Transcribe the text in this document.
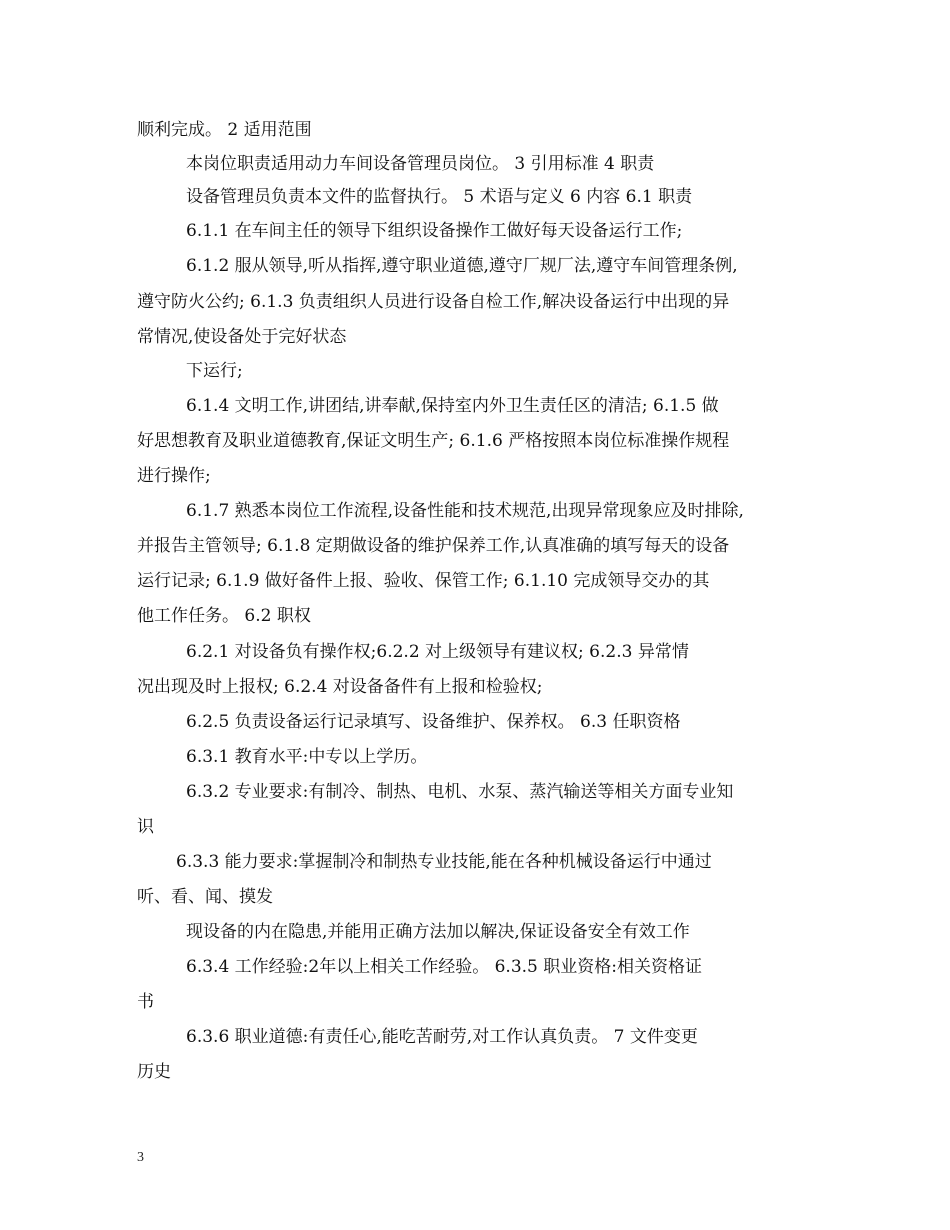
顺利完成。 2 适用范围
本岗位职责适用动力车间设备管理员岗位。 3 引用标准 4 职责
设备管理员负责本文件的监督执行。 5 术语与定义 6 内容 6.1 职责
6.1.1 在车间主任的领导下组织设备操作工做好每天设备运行工作;
6.1.2 服从领导,听从指挥,遵守职业道德,遵守厂规厂法,遵守车间管理条例,
遵守防火公约; 6.1.3 负责组织人员进行设备自检工作,解决设备运行中出现的异
常情况,使设备处于完好状态
下运行;
6.1.4 文明工作,讲团结,讲奉献,保持室内外卫生责任区的清洁; 6.1.5 做
好思想教育及职业道德教育,保证文明生产; 6.1.6 严格按照本岗位标准操作规程
进行操作;
6.1.7 熟悉本岗位工作流程,设备性能和技术规范,出现异常现象应及时排除,
并报告主管领导; 6.1.8 定期做设备的维护保养工作,认真准确的填写每天的设备
运行记录; 6.1.9 做好备件上报、验收、保管工作; 6.1.10 完成领导交办的其
他工作任务。 6.2 职权
6.2.1 对设备负有操作权;6.2.2 对上级领导有建议权; 6.2.3 异常情
况出现及时上报权; 6.2.4 对设备备件有上报和检验权;
6.2.5 负责设备运行记录填写、设备维护、保养权。 6.3 任职资格
6.3.1 教育水平:中专以上学历。
6.3.2 专业要求:有制冷、制热、电机、水泵、蒸汽输送等相关方面专业知
识
6.3.3 能力要求:掌握制冷和制热专业技能,能在各种机械设备运行中通过
听、看、闻、摸发
现设备的内在隐患,并能用正确方法加以解决,保证设备安全有效工作
6.3.4 工作经验:2年以上相关工作经验。 6.3.5 职业资格:相关资格证
书
6.3.6 职业道德:有责任心,能吃苦耐劳,对工作认真负责。 7 文件变更
历史
3
